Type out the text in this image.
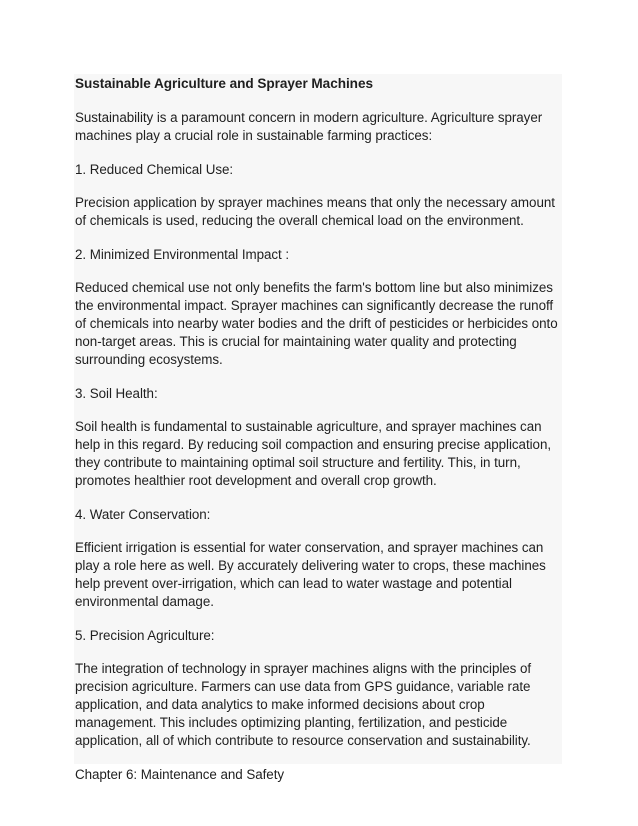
Sustainable Agriculture and Sprayer Machines

Sustainability is a paramount concern in modern agriculture. Agriculture sprayer machines play a crucial role in sustainable farming practices:

1. Reduced Chemical Use:

Precision application by sprayer machines means that only the necessary amount of chemicals is used, reducing the overall chemical load on the environment.

2. Minimized Environmental Impact :

Reduced chemical use not only benefits the farm's bottom line but also minimizes the environmental impact. Sprayer machines can significantly decrease the runoff of chemicals into nearby water bodies and the drift of pesticides or herbicides onto non-target areas. This is crucial for maintaining water quality and protecting surrounding ecosystems.

3. Soil Health:

Soil health is fundamental to sustainable agriculture, and sprayer machines can help in this regard. By reducing soil compaction and ensuring precise application, they contribute to maintaining optimal soil structure and fertility. This, in turn, promotes healthier root development and overall crop growth.

4. Water Conservation:

Efficient irrigation is essential for water conservation, and sprayer machines can play a role here as well. By accurately delivering water to crops, these machines help prevent over-irrigation, which can lead to water wastage and potential environmental damage.

5. Precision Agriculture:

The integration of technology in sprayer machines aligns with the principles of precision agriculture. Farmers can use data from GPS guidance, variable rate application, and data analytics to make informed decisions about crop management. This includes optimizing planting, fertilization, and pesticide application, all of which contribute to resource conservation and sustainability.

Chapter 6: Maintenance and Safety
